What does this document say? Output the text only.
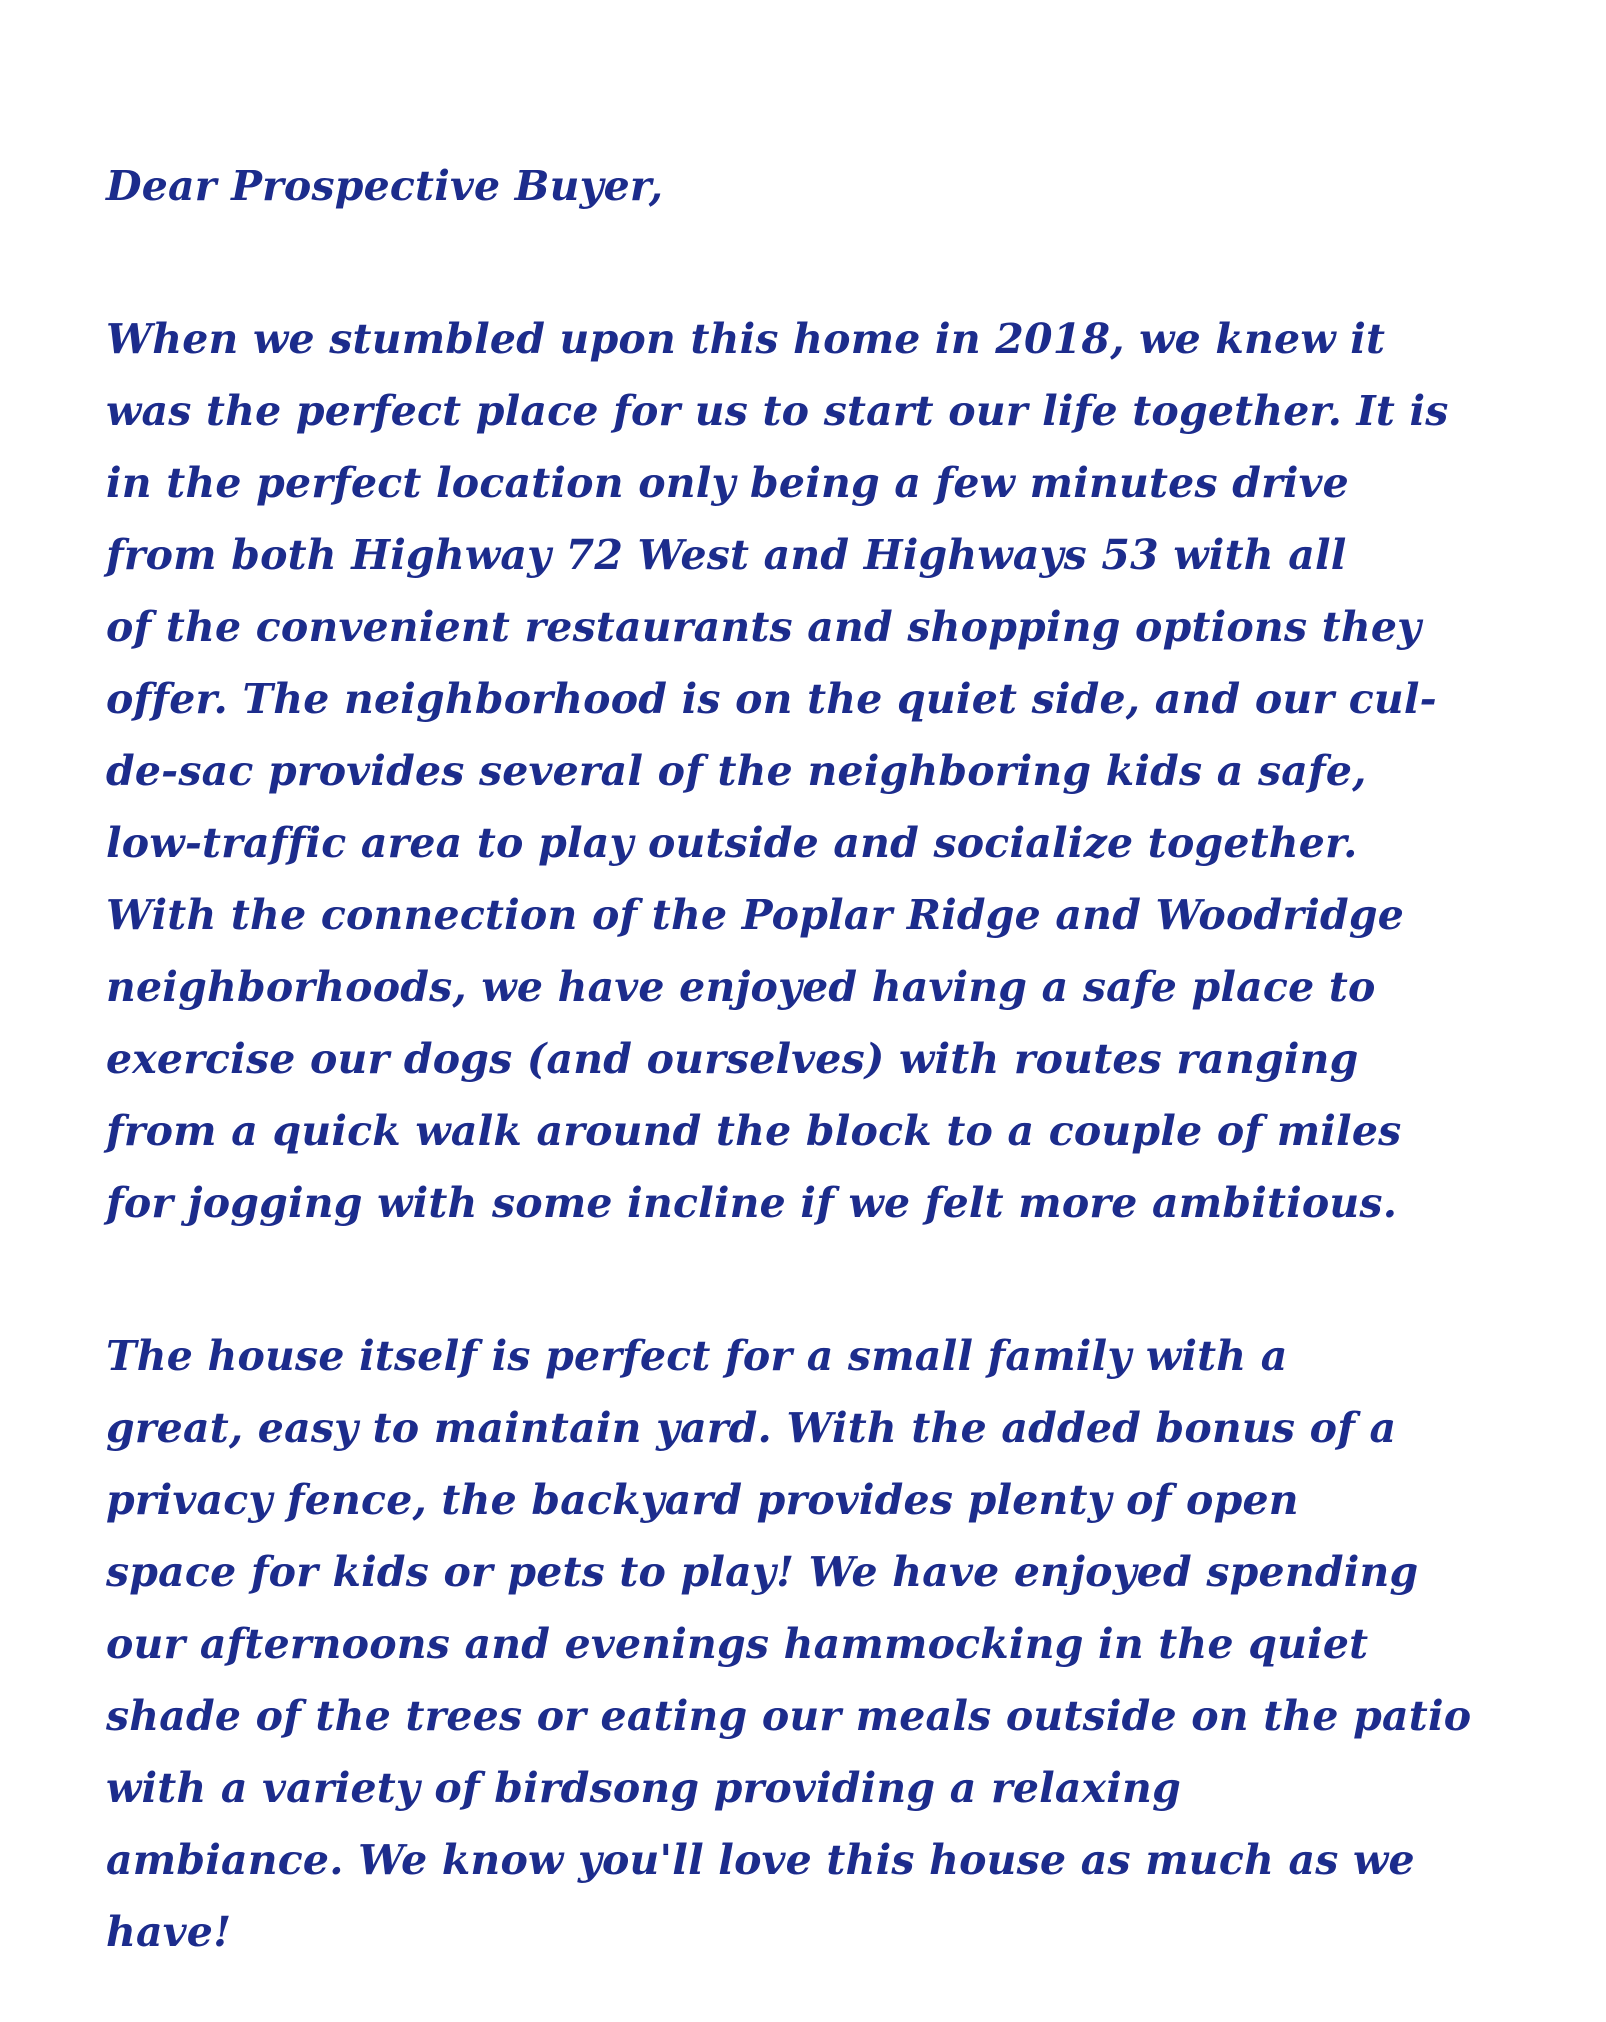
Dear Prospective Buyer,
When we stumbled upon this home in 2018, we knew it
was the perfect place for us to start our life together. It is
in the perfect location only being a few minutes drive
from both Highway 72 West and Highways 53 with all
of the convenient restaurants and shopping options they
offer. The neighborhood is on the quiet side, and our cul-
de-sac provides several of the neighboring kids a safe,
low-traffic area to play outside and socialize together.
With the connection of the Poplar Ridge and Woodridge
neighborhoods, we have enjoyed having a safe place to
exercise our dogs (and ourselves) with routes ranging
from a quick walk around the block to a couple of miles
for jogging with some incline if we felt more ambitious.
The house itself is perfect for a small family with a
great, easy to maintain yard. With the added bonus of a
privacy fence, the backyard provides plenty of open
space for kids or pets to play! We have enjoyed spending
our afternoons and evenings hammocking in the quiet
shade of the trees or eating our meals outside on the patio
with a variety of birdsong providing a relaxing
ambiance. We know you'll love this house as much as we
have!
